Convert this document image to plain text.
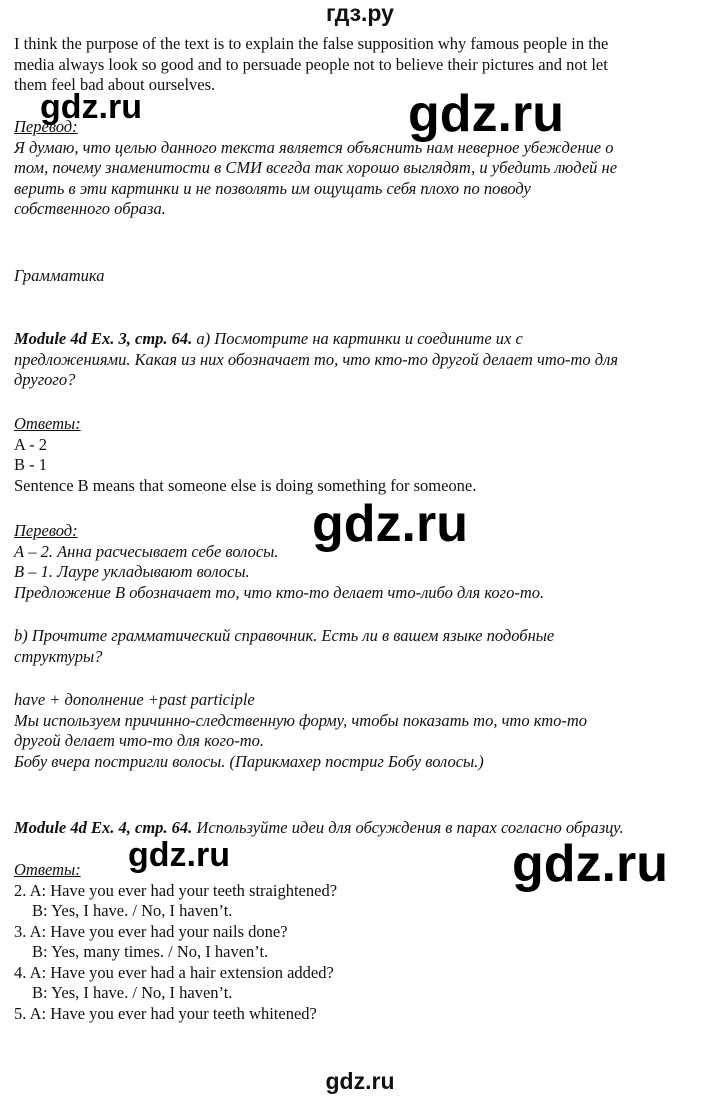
гдз.ру
I think the purpose of the text is to explain the false supposition why famous people in the
media always look so good and to persuade people not to believe their pictures and not let
them feel bad about ourselves.
Перевод:
Я думаю, что целью данного текста является объяснить нам неверное убеждение о
том, почему знаменитости в СМИ всегда так хорошо выглядят, и убедить людей не
верить в эти картинки и не позволять им ощущать себя плохо по поводу
собственного образа.
Грамматика
Module 4d Ex. 3, стр. 64. а) Посмотрите на картинки и соедините их с
предложениями. Какая из них обозначает то, что кто-то другой делает что-то для
другого?
Ответы:
A - 2
B - 1
Sentence B means that someone else is doing something for someone.
Перевод:
А – 2. Анна расчесывает себе волосы.
В – 1. Лауре укладывают волосы.
Предложение B обозначает то, что кто-то делает что-либо для кого-то.
b) Прочтите грамматический справочник. Есть ли в вашем языке подобные
структуры?
have + дополнение +past participle
Мы используем причинно-следственную форму, чтобы показать то, что кто-то
другой делает что-то для кого-то.
Бобу вчера постригли волосы. (Парикмахер постриг Бобу волосы.)
Module 4d Ex. 4, стр. 64. Используйте идеи для обсуждения в парах согласно образцу.
Ответы:
2. A: Have you ever had your teeth straightened?
B: Yes, I have. / No, I haven’t.
3. A: Have you ever had your nails done?
B: Yes, many times. / No, I haven’t.
4. A: Have you ever had a hair extension added?
B: Yes, I have. / No, I haven’t.
5. A: Have you ever had your teeth whitened?
gdz.ru	gdz.ru
gdz.ru
gdz.ru	gdz.ru
gdz.ru
